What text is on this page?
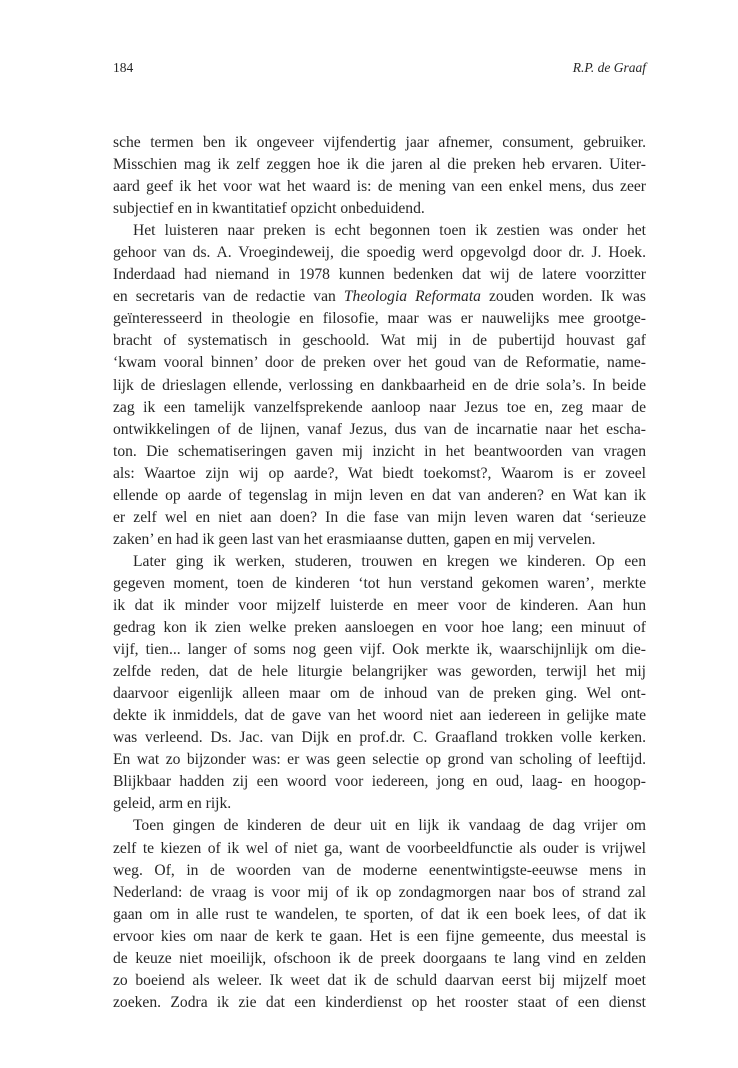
184	R.P. de Graaf
sche termen ben ik ongeveer vijfendertig jaar afnemer, consument, gebruiker.
Misschien mag ik zelf zeggen hoe ik die jaren al die preken heb ervaren. Uiter-
aard geef ik het voor wat het waard is: de mening van een enkel mens, dus zeer
subjectief en in kwantitatief opzicht onbeduidend.
Het luisteren naar preken is echt begonnen toen ik zestien was onder het
gehoor van ds. A. Vroegindeweij, die spoedig werd opgevolgd door dr. J. Hoek.
Inderdaad had niemand in 1978 kunnen bedenken dat wij de latere voorzitter
en secretaris van de redactie van Theologia Reformata zouden worden. Ik was
geïnteresseerd in theologie en filosofie, maar was er nauwelijks mee grootge-
bracht of systematisch in geschoold. Wat mij in de pubertijd houvast gaf
‘kwam vooral binnen’ door de preken over het goud van de Reformatie, name-
lijk de drieslagen ellende, verlossing en dankbaarheid en de drie sola’s. In beide
zag ik een tamelijk vanzelfsprekende aanloop naar Jezus toe en, zeg maar de
ontwikkelingen of de lijnen, vanaf Jezus, dus van de incarnatie naar het escha-
ton. Die schematiseringen gaven mij inzicht in het beantwoorden van vragen
als: Waartoe zijn wij op aarde?, Wat biedt toekomst?, Waarom is er zoveel
ellende op aarde of tegenslag in mijn leven en dat van anderen? en Wat kan ik
er zelf wel en niet aan doen? In die fase van mijn leven waren dat ‘serieuze
zaken’ en had ik geen last van het erasmiaanse dutten, gapen en mij vervelen.
Later ging ik werken, studeren, trouwen en kregen we kinderen. Op een
gegeven moment, toen de kinderen ‘tot hun verstand gekomen waren’, merkte
ik dat ik minder voor mijzelf luisterde en meer voor de kinderen. Aan hun
gedrag kon ik zien welke preken aansloegen en voor hoe lang; een minuut of
vijf, tien... langer of soms nog geen vijf. Ook merkte ik, waarschijnlijk om die-
zelfde reden, dat de hele liturgie belangrijker was geworden, terwijl het mij
daarvoor eigenlijk alleen maar om de inhoud van de preken ging. Wel ont-
dekte ik inmiddels, dat de gave van het woord niet aan iedereen in gelijke mate
was verleend. Ds. Jac. van Dijk en prof.dr. C. Graafland trokken volle kerken.
En wat zo bijzonder was: er was geen selectie op grond van scholing of leeftijd.
Blijkbaar hadden zij een woord voor iedereen, jong en oud, laag- en hoogop-
geleid, arm en rijk.
Toen gingen de kinderen de deur uit en lijk ik vandaag de dag vrijer om
zelf te kiezen of ik wel of niet ga, want de voorbeeldfunctie als ouder is vrijwel
weg. Of, in de woorden van de moderne eenentwintigste-eeuwse mens in
Nederland: de vraag is voor mij of ik op zondagmorgen naar bos of strand zal
gaan om in alle rust te wandelen, te sporten, of dat ik een boek lees, of dat ik
ervoor kies om naar de kerk te gaan. Het is een fijne gemeente, dus meestal is
de keuze niet moeilijk, ofschoon ik de preek doorgaans te lang vind en zelden
zo boeiend als weleer. Ik weet dat ik de schuld daarvan eerst bij mijzelf moet
zoeken. Zodra ik zie dat een kinderdienst op het rooster staat of een dienst
